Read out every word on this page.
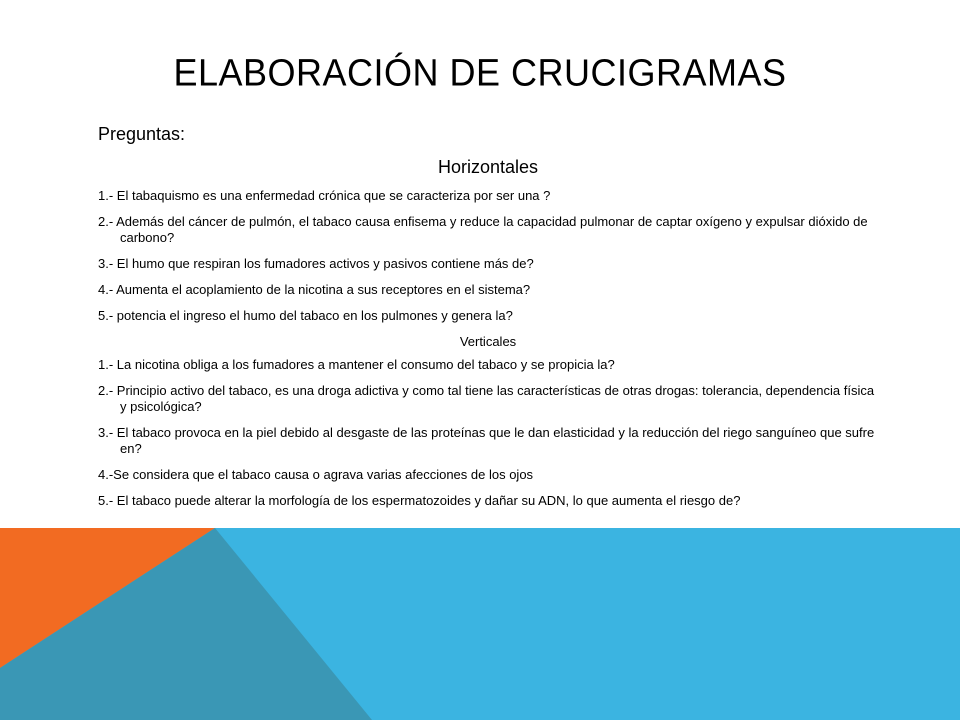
ELABORACIÓN DE CRUCIGRAMAS
Preguntas:
Horizontales
1.- El tabaquismo es una enfermedad crónica que se caracteriza por ser una ?
2.- Además del cáncer de pulmón, el tabaco causa enfisema y reduce la capacidad pulmonar de captar oxígeno y expulsar dióxido de carbono?
3.- El humo que respiran los fumadores activos y pasivos contiene más de?
4.- Aumenta el acoplamiento de la nicotina a sus receptores en el sistema?
5.- potencia el ingreso el humo del tabaco en los pulmones y genera la?
Verticales
1.- La nicotina obliga a los fumadores a mantener el consumo del tabaco y se propicia la?
2.- Principio activo del tabaco, es una droga adictiva y como tal tiene las características de otras drogas: tolerancia, dependencia física y psicológica?
3.- El tabaco provoca en la piel debido al desgaste de las proteínas que le dan elasticidad y la reducción del riego sanguíneo que sufre en?
4.-Se considera que el tabaco causa o agrava varias afecciones de los ojos
5.- El tabaco puede alterar la morfología de los espermatozoides y dañar su ADN, lo que aumenta el riesgo de?
